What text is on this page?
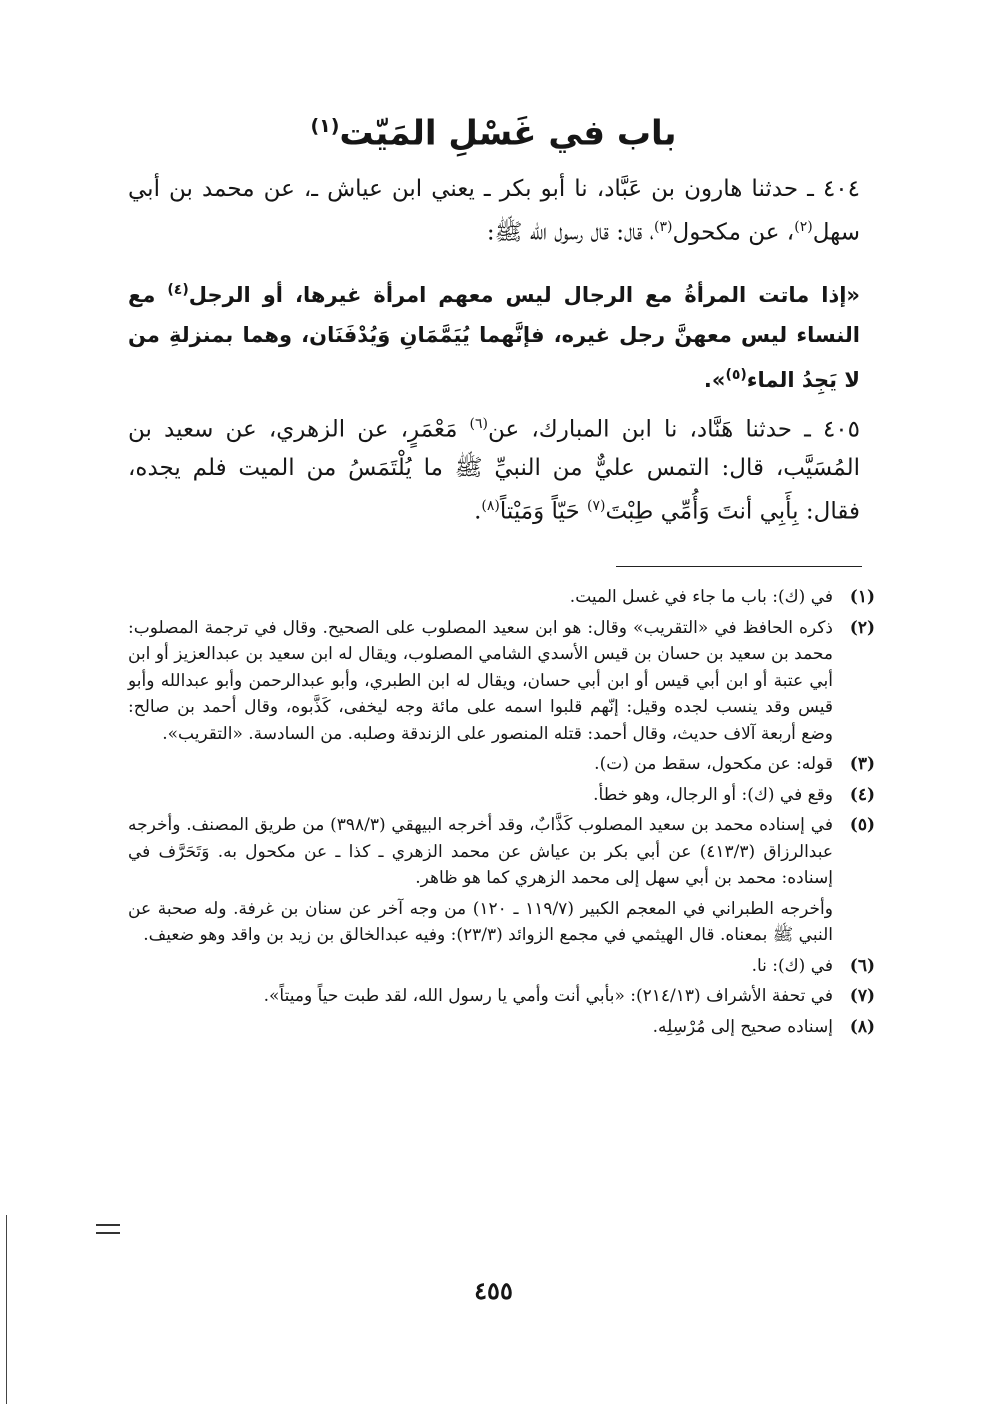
باب في غَسْلِ المَيّت$^{(١)}$
٤٠٤ ـ حدثنا هارون بن عَبَّاد، نا أبو بكر ـ يعني ابن عياش ـ، عن محمد بن أبي سهل$^{(٢)}$، عن مكحول$^{(٣)}$، قال: قال رسول الله ﷺ:
«إذا ماتت المرأةُ مع الرجال ليس معهم امرأة غيرها، أو الرجل$^{(٤)}$ مع النساء ليس معهنَّ رجل غيره، فإنَّهما يُيَمَّمَانِ وَيُدْفَنَان، وهما بمنزلةِ من لا يَجِدُ الماء$^{(٥)}$».
٤٠٥ ـ حدثنا هَنَّاد، نا ابن المبارك، عن$^{(٦)}$ مَعْمَرٍ، عن الزهري، عن سعيد بن المُسَيَّب، قال: التمس عليٌّ من النبيِّ ﷺ ما يُلْتَمَسُ من الميت فلم يجده، فقال: بِأَبِي أنتَ وَأُمِّي طِبْتَ$^{(٧)}$ حَيّاً وَمَيْتاً$^{(٨)}$.
(١)
في (ك): باب ما جاء في غسل الميت.
(٢)
ذكره الحافظ في «التقريب» وقال: هو ابن سعيد المصلوب على الصحيح. وقال في ترجمة المصلوب: محمد بن سعيد بن حسان بن قيس الأسدي الشامي المصلوب، ويقال له ابن سعيد بن عبدالعزيز أو ابن أبي عتبة أو ابن أبي قيس أو ابن أبي حسان، ويقال له ابن الطبري، وأبو عبدالرحمن وأبو عبدالله وأبو قيس وقد ينسب لجده وقيل: إنّهم قلبوا اسمه على مائة وجه ليخفى، كَذَّبوه، وقال أحمد بن صالح: وضع أربعة آلاف حديث، وقال أحمد: قتله المنصور على الزندقة وصلبه. من السادسة. «التقريب».
(٣)
قوله: عن مكحول، سقط من (ت).
(٤)
وقع في (ك): أو الرجال، وهو خطأ.
(٥)
في إسناده محمد بن سعيد المصلوب كَذَّابٌ، وقد أخرجه البيهقي (٣٩٨/٣) من طريق المصنف. وأخرجه عبدالرزاق (٤١٣/٣) عن أبي بكر بن عياش عن محمد الزهري ـ كذا ـ عن مكحول به. وَتَحَرَّف في إسناده: محمد بن أبي سهل إلى محمد الزهري كما هو ظاهر.
وأخرجه الطبراني في المعجم الكبير (١١٩/٧ ـ ١٢٠) من وجه آخر عن سنان بن غرفة. وله صحبة عن النبي ﷺ بمعناه. قال الهيثمي في مجمع الزوائد (٢٣/٣): وفيه عبدالخالق بن زيد بن واقد وهو ضعيف.
(٦)
في (ك): نا.
(٧)
في تحفة الأشراف (٢١٤/١٣): «بأبي أنت وأمي يا رسول الله، لقد طبت حياً وميتاً».
(٨)
إسناده صحيح إلى مُرْسِلِه.
٤٥٥
